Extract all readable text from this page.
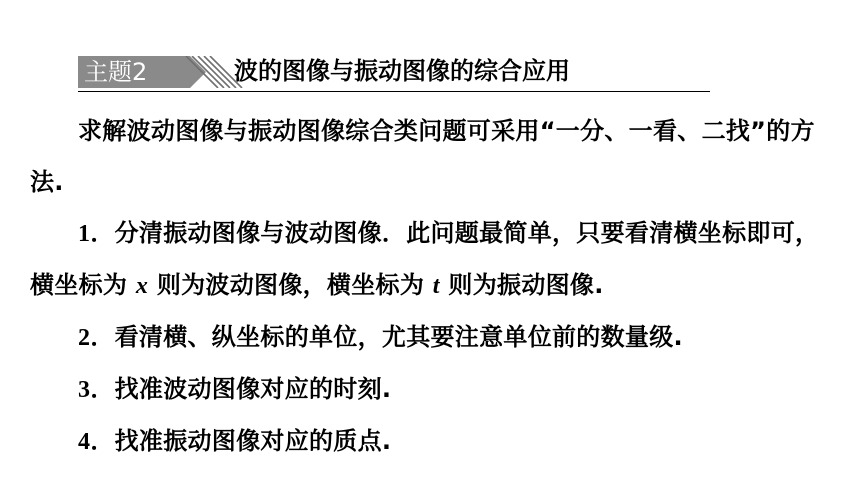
主题2	波的图像与振动图像的综合应用

求解波动图像与振动图像综合类问题可采用“一分、一看、二找”的方法.

1．分清振动图像与波动图像．此问题最简单，只要看清横坐标即可，横坐标为 x 则为波动图像，横坐标为 t 则为振动图像.

2．看清横、纵坐标的单位，尤其要注意单位前的数量级.

3．找准波动图像对应的时刻.

4．找准振动图像对应的质点.
